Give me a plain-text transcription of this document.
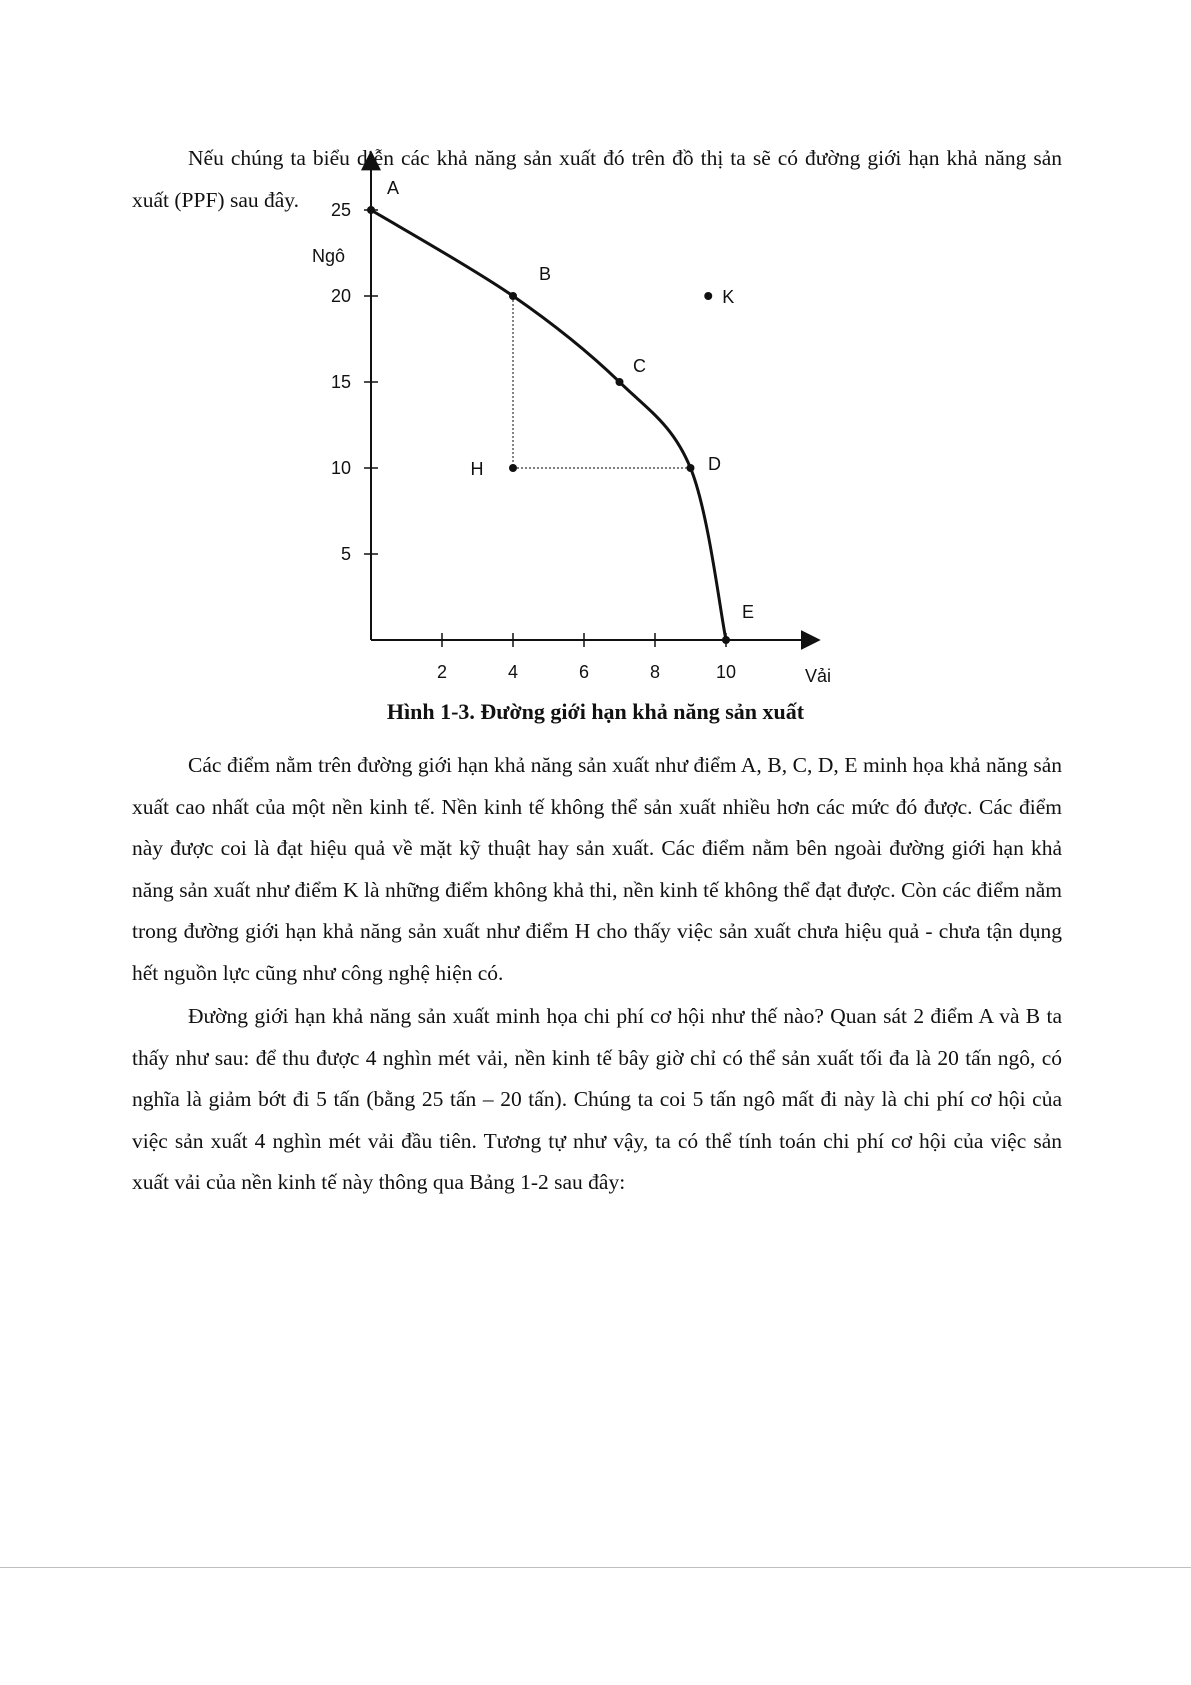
Nếu chúng ta biểu diễn các khả năng sản xuất đó trên đồ thị ta sẽ có đường giới hạn khả năng sản xuất (PPF) sau đây.	A
B
C
D
E
K
H
2	4	6	8	10
5
10
15
20
25
Ngô
Vải

Hình 1-3. Đường giới hạn khả năng sản xuất

Các điểm nằm trên đường giới hạn khả năng sản xuất như điểm A, B, C, D, E minh họa khả năng sản xuất cao nhất của một nền kinh tế. Nền kinh tế không thể sản xuất nhiều hơn các mức đó được. Các điểm này được coi là đạt hiệu quả về mặt kỹ thuật hay sản xuất. Các điểm nằm bên ngoài đường giới hạn khả năng sản xuất như điểm K là những điểm không khả thi, nền kinh tế không thể đạt được. Còn các điểm nằm trong đường giới hạn khả năng sản xuất như điểm H cho thấy việc sản xuất chưa hiệu quả - chưa tận dụng hết nguồn lực cũng như công nghệ hiện có.

Đường giới hạn khả năng sản xuất minh họa chi phí cơ hội như thế nào? Quan sát 2 điểm A và B ta thấy như sau: để thu được 4 nghìn mét vải, nền kinh tế bây giờ chỉ có thể sản xuất tối đa là 20 tấn ngô, có nghĩa là giảm bớt đi 5 tấn (bằng 25 tấn – 20 tấn). Chúng ta coi 5 tấn ngô mất đi này là chi phí cơ hội của việc sản xuất 4 nghìn mét vải đầu tiên. Tương tự như vậy, ta có thể tính toán chi phí cơ hội của việc sản xuất vải của nền kinh tế này thông qua Bảng 1-2 sau đây:
